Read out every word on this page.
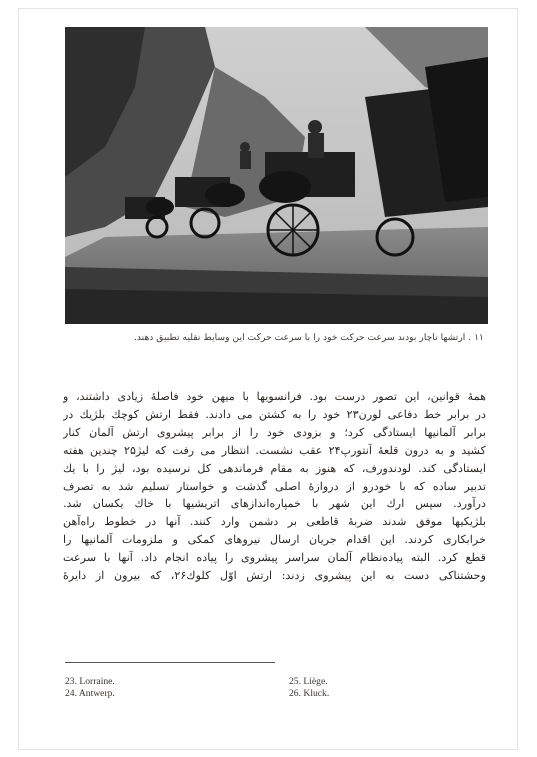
۱۱ . ارتشها ناچار بودند سرعت حرکت خود را با سرعت حرکت این وسایط نقلیه تطبیق دهند.
همهٔ قوانین، این تصور درست بود. فرانسویها با میهن خود فاصلهٔ زیادی داشتند، و
در برابر خط دفاعی لورن۲۳ خود را به کشتن می دادند. فقط ارتش کوچك بلژیك در
برابر آلمانیها ایستادگی کرد؛ و بزودی خود را از برابر پیشروی ارتش آلمان کنار
کشید و به درون قلعهٔ آنتورپ۲۴ عقب نشست. انتظار می رفت که لیژ۲۵ چندین هفته
ایستادگی کند. لودندورف، که هنوز به مقام فرماندهی کل نرسیده بود، لیژ را با یك
تدبیر ساده که با خودرو از دروازهٔ اصلی گذشت و خواستار تسلیم شد به تصرف
درآورد. سپس ارك این شهر با خمپاره‌اندازهای اتریشیها با خاك یکسان شد.
بلژیکیها موفق شدند ضربهٔ قاطعی بر دشمن وارد کنند. آنها در خطوط راه‌آهن
خرابکاری کردند. این اقدام جریان ارسال نیروهای کمکی و ملزومات آلمانیها را
قطع کرد. البته پیاده‌نظام آلمان سراسر پیشروی را پیاده انجام داد. آنها با سرعت
وحشتناکی دست به این پیشروی زدند: ارتش اوّل کلوك۲۶، که بیرون از دایرهٔ
23. Lorraine.
24. Antwerp.
25. Liège.
26. Kluck.
